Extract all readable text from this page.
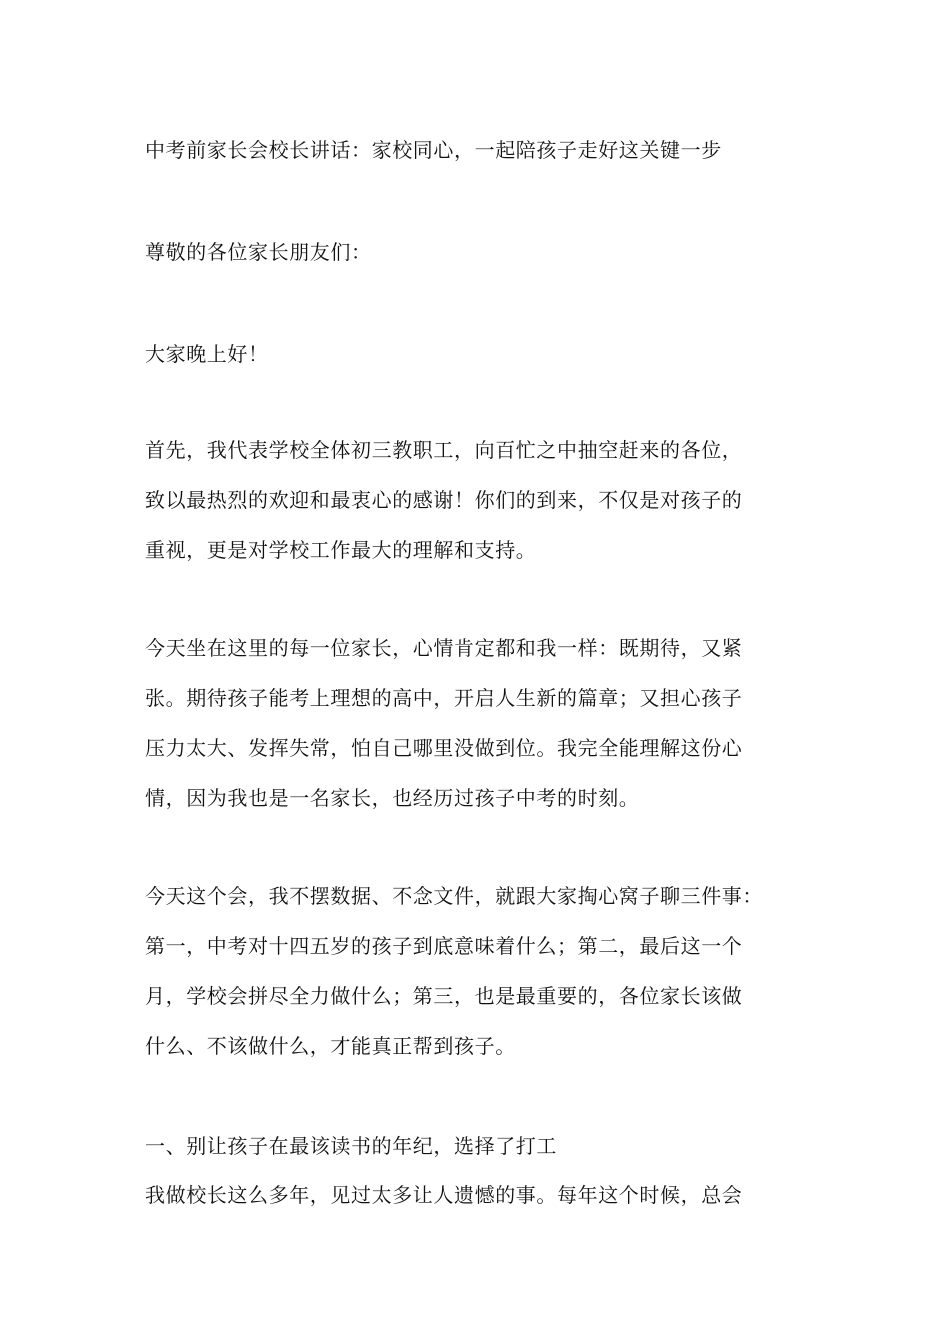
中考前家长会校长讲话：家校同心，一起陪孩子走好这关键一步
尊敬的各位家长朋友们：
大家晚上好！
首先，我代表学校全体初三教职工，向百忙之中抽空赶来的各位，
致以最热烈的欢迎和最衷心的感谢！你们的到来，不仅是对孩子的
重视，更是对学校工作最大的理解和支持。
今天坐在这里的每一位家长，心情肯定都和我一样：既期待，又紧
张。期待孩子能考上理想的高中，开启人生新的篇章；又担心孩子
压力太大、发挥失常，怕自己哪里没做到位。我完全能理解这份心
情，因为我也是一名家长，也经历过孩子中考的时刻。
今天这个会，我不摆数据、不念文件，就跟大家掏心窝子聊三件事：
第一，中考对十四五岁的孩子到底意味着什么；第二，最后这一个
月，学校会拼尽全力做什么；第三，也是最重要的，各位家长该做
什么、不该做什么，才能真正帮到孩子。
一、别让孩子在最该读书的年纪，选择了打工
我做校长这么多年，见过太多让人遗憾的事。每年这个时候，总会
